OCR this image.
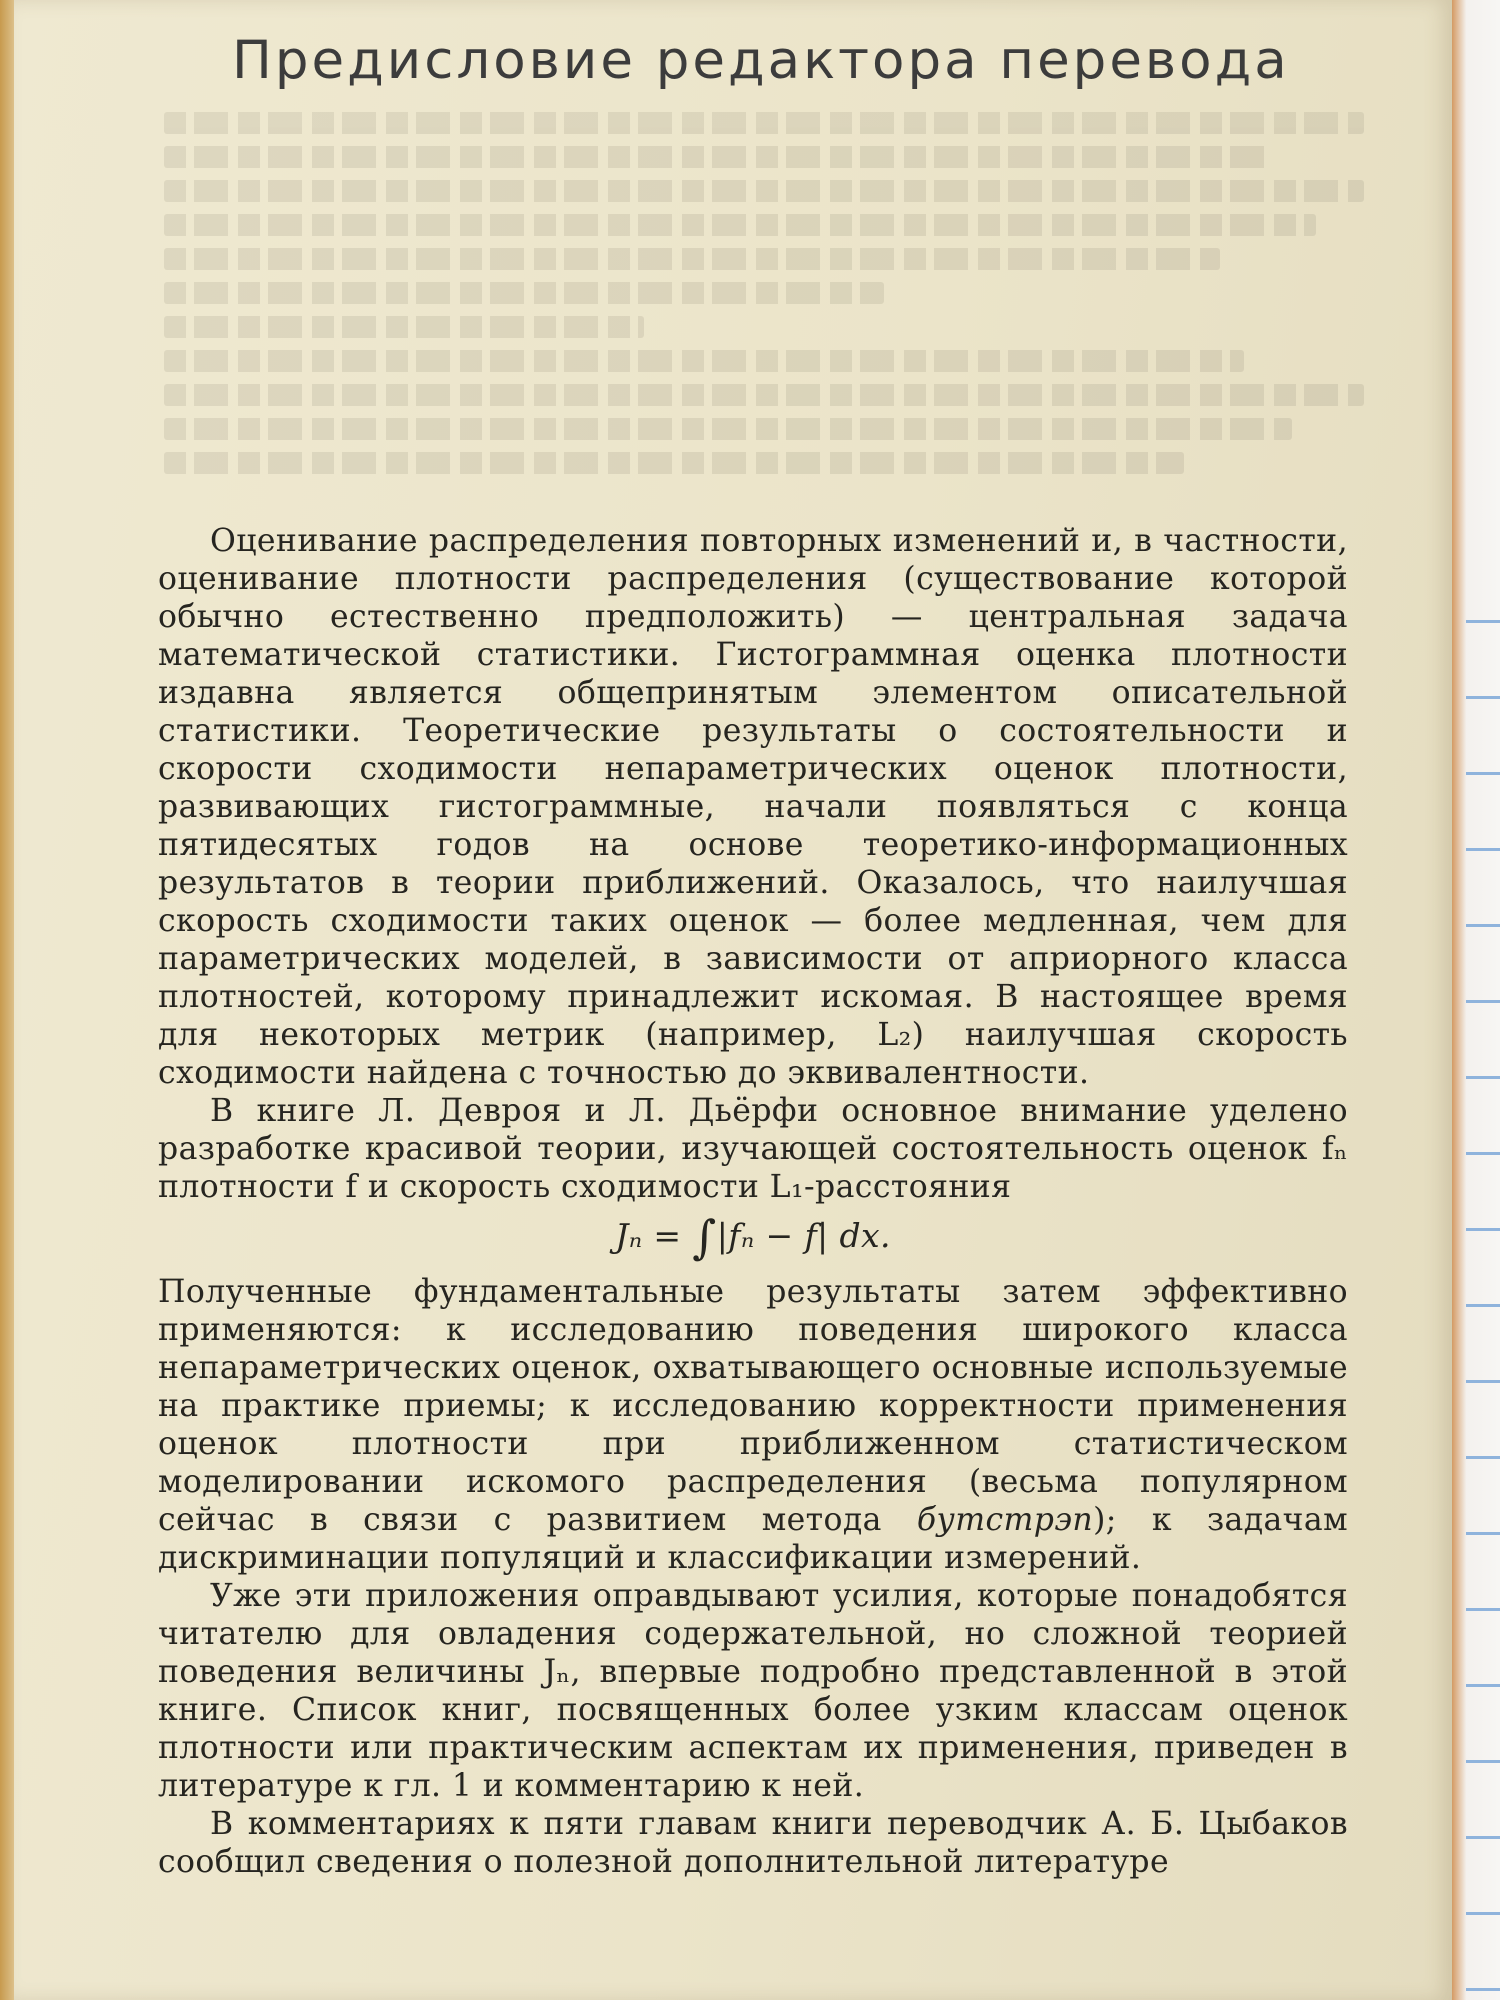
Предисловие редактора перевода

Оценивание распределения повторных изменений и, в частности, оценивание плотности распределения (существование которой обычно естественно предположить) — центральная задача математической статистики. Гистограммная оценка плотности издавна является общепринятым элементом описательной статистики. Теоретические результаты о состоятельности и скорости сходимости непараметрических оценок плотности, развивающих гистограммные, начали появляться с конца пятидесятых годов на основе теоретико-информационных результатов в теории приближений. Оказалось, что наилучшая скорость сходимости таких оценок — более медленная, чем для параметрических моделей, в зависимости от априорного класса плотностей, которому принадлежит искомая. В настоящее время для некоторых метрик (например, L₂) наилучшая скорость сходимости найдена с точностью до эквивалентности.

В книге Л. Девроя и Л. Дьёрфи основное внимание уделено разработке красивой теории, изучающей состоятельность оценок fₙ плотности f и скорость сходимости L₁-расстояния

Jₙ = ∫|fₙ − f| dx.

Полученные фундаментальные результаты затем эффективно применяются: к исследованию поведения широкого класса непараметрических оценок, охватывающего основные используемые на практике приемы; к исследованию корректности применения оценок плотности при приближенном статистическом моделировании искомого распределения (весьма популярном сейчас в связи с развитием метода бутстрэп); к задачам дискриминации популяций и классификации измерений.

Уже эти приложения оправдывают усилия, которые понадобятся читателю для овладения содержательной, но сложной теорией поведения величины Jₙ, впервые подробно представленной в этой книге. Список книг, посвященных более узким классам оценок плотности или практическим аспектам их применения, приведен в литературе к гл. 1 и комментарию к ней.

В комментариях к пяти главам книги переводчик А. Б. Цыбаков сообщил сведения о полезной дополнительной литературе
